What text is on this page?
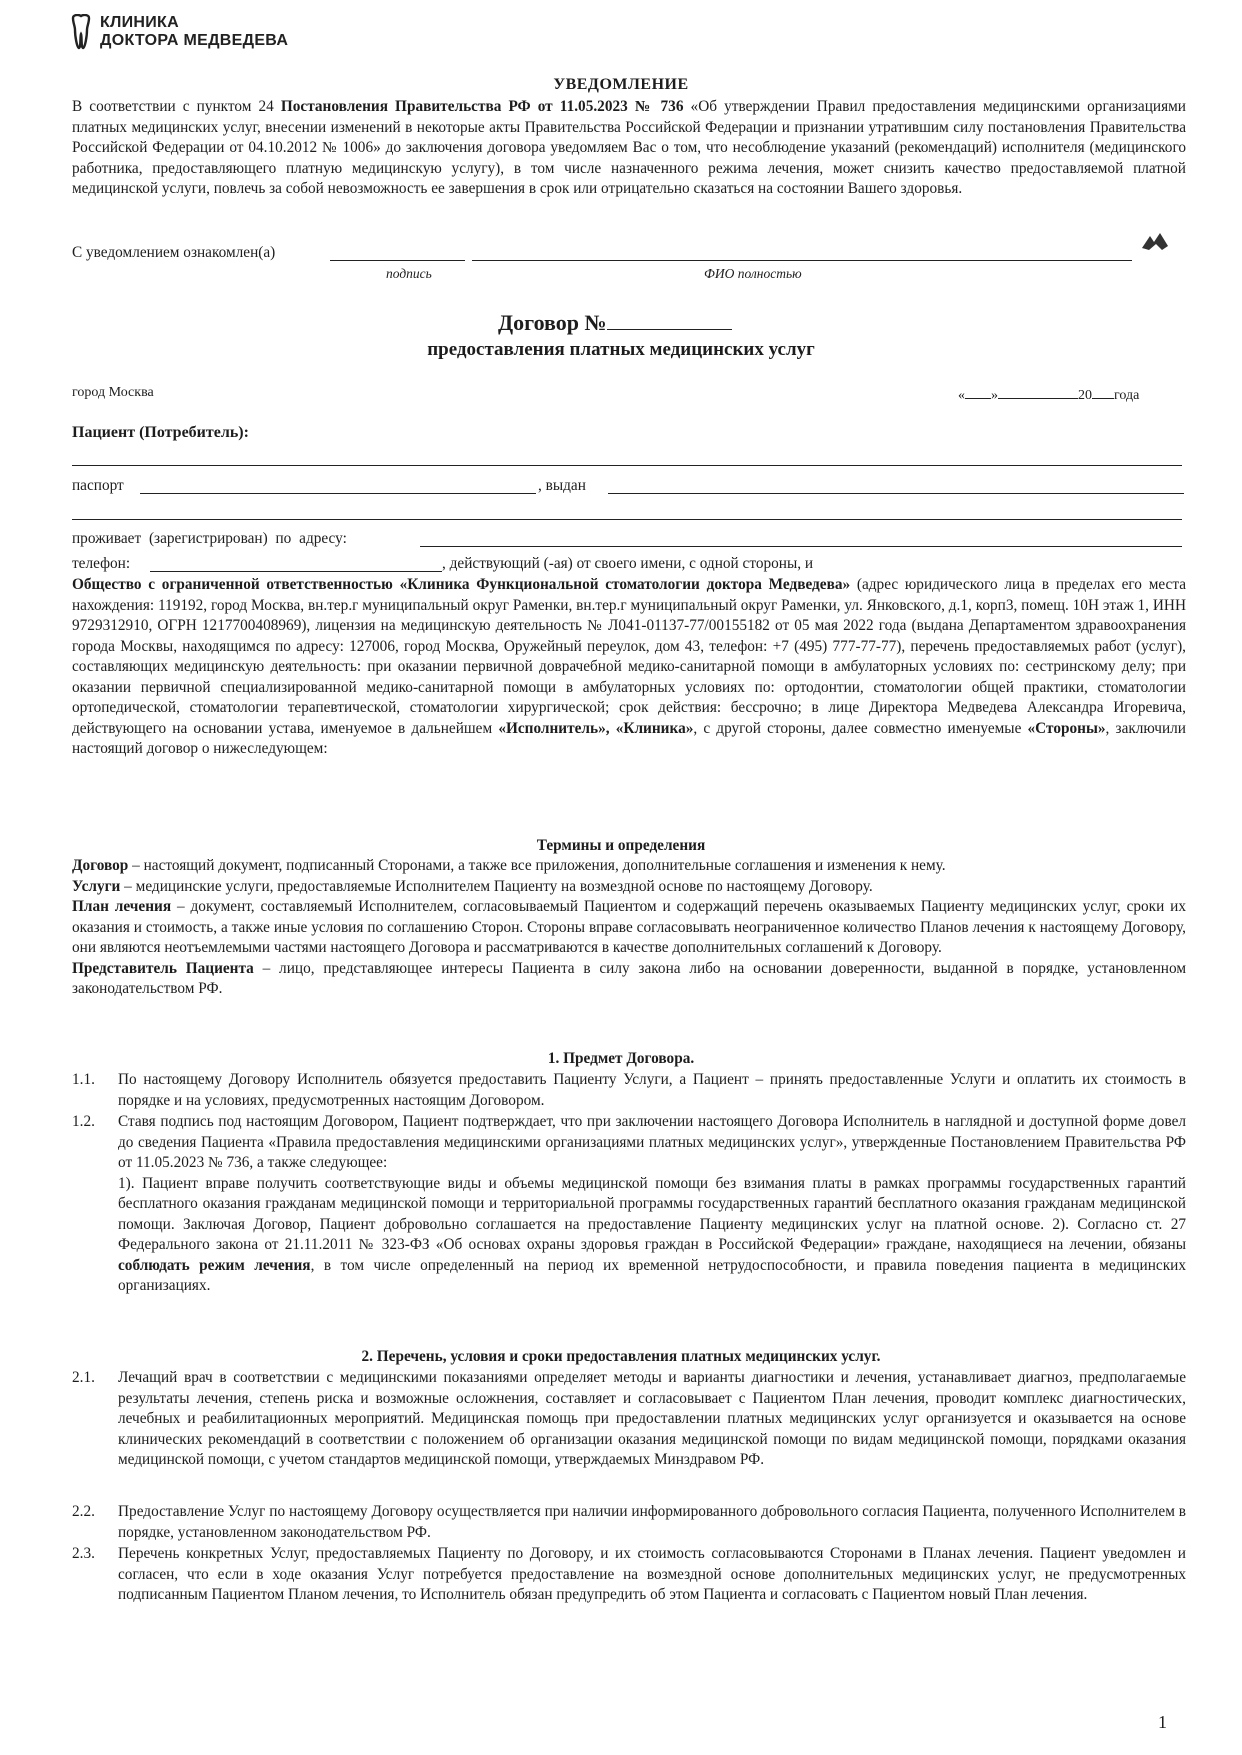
КЛИНИКА
ДОКТОРА МЕДВЕДЕВА
УВЕДОМЛЕНИЕ
В соответствии с пунктом 24 Постановления Правительства РФ от 11.05.2023 № 736 «Об утверждении Правил предоставления медицинскими организациями платных медицинских услуг, внесении изменений в некоторые акты Правительства Российской Федерации и признании утратившим силу постановления Правительства Российской Федерации от 04.10.2012 № 1006» до заключения договора уведомляем Вас о том, что несоблюдение указаний (рекомендаций) исполнителя (медицинского работника, предоставляющего платную медицинскую услугу), в том числе назначенного режима лечения, может снизить качество предоставляемой платной медицинской услуги, повлечь за собой невозможность ее завершения в срок или отрицательно сказаться на состоянии Вашего здоровья.
С уведомлением ознакомлен(а)
подпись	ФИО полностью
Договор №
предоставления платных медицинских услуг
город Москва	« »	20 года
Пациент (Потребитель):
паспорт	, выдан
проживает (зарегистрирован) по адресу:
телефон:	, действующий (-ая) от своего имени, с одной стороны, и
Общество с ограниченной ответственностью «Клиника Функциональной стоматологии доктора Медведева» (адрес юридического лица в пределах его места нахождения: 119192, город Москва, вн.тер.г муниципальный округ Раменки, вн.тер.г муниципальный округ Раменки, ул. Янковского, д.1, корп3, помещ. 10Н этаж 1, ИНН 9729312910, ОГРН 1217700408969), лицензия на медицинскую деятельность № Л041-01137-77/00155182 от 05 мая 2022 года (выдана Департаментом здравоохранения города Москвы, находящимся по адресу: 127006, город Москва, Оружейный переулок, дом 43, телефон: +7 (495) 777-77-77), перечень предоставляемых работ (услуг), составляющих медицинскую деятельность: при оказании первичной доврачебной медико-санитарной помощи в амбулаторных условиях по: сестринскому делу; при оказании первичной специализированной медико-санитарной помощи в амбулаторных условиях по: ортодонтии, стоматологии общей практики, стоматологии ортопедической, стоматологии терапевтической, стоматологии хирургической; срок действия: бессрочно; в лице Директора Медведева Александра Игоревича, действующего на основании устава, именуемое в дальнейшем «Исполнитель», «Клиника», с другой стороны, далее совместно именуемые «Стороны», заключили настоящий договор о нижеследующем:
Термины и определения
Договор – настоящий документ, подписанный Сторонами, а также все приложения, дополнительные соглашения и изменения к нему.
Услуги – медицинские услуги, предоставляемые Исполнителем Пациенту на возмездной основе по настоящему Договору.
План лечения – документ, составляемый Исполнителем, согласовываемый Пациентом и содержащий перечень оказываемых Пациенту медицинских услуг, сроки их оказания и стоимость, а также иные условия по соглашению Сторон. Стороны вправе согласовывать неограниченное количество Планов лечения к настоящему Договору, они являются неотъемлемыми частями настоящего Договора и рассматриваются в качестве дополнительных соглашений к Договору.
Представитель Пациента – лицо, представляющее интересы Пациента в силу закона либо на основании доверенности, выданной в порядке, установленном законодательством РФ.
1. Предмет Договора.
1.1. По настоящему Договору Исполнитель обязуется предоставить Пациенту Услуги, а Пациент – принять предоставленные Услуги и оплатить их стоимость в порядке и на условиях, предусмотренных настоящим Договором.
1.2. Ставя подпись под настоящим Договором, Пациент подтверждает, что при заключении настоящего Договора Исполнитель в наглядной и доступной форме довел до сведения Пациента «Правила предоставления медицинскими организациями платных медицинских услуг», утвержденные Постановлением Правительства РФ от 11.05.2023 № 736, а также следующее:
1). Пациент вправе получить соответствующие виды и объемы медицинской помощи без взимания платы в рамках программы государственных гарантий бесплатного оказания гражданам медицинской помощи и территориальной программы государственных гарантий бесплатного оказания гражданам медицинской помощи. Заключая Договор, Пациент добровольно соглашается на предоставление Пациенту медицинских услуг на платной основе. 2). Согласно ст. 27 Федерального закона от 21.11.2011 № 323-ФЗ «Об основах охраны здоровья граждан в Российской Федерации» граждане, находящиеся на лечении, обязаны соблюдать режим лечения, в том числе определенный на период их временной нетрудоспособности, и правила поведения пациента в медицинских организациях.
2. Перечень, условия и сроки предоставления платных медицинских услуг.
2.1. Лечащий врач в соответствии с медицинскими показаниями определяет методы и варианты диагностики и лечения, устанавливает диагноз, предполагаемые результаты лечения, степень риска и возможные осложнения, составляет и согласовывает с Пациентом План лечения, проводит комплекс диагностических, лечебных и реабилитационных мероприятий. Медицинская помощь при предоставлении платных медицинских услуг организуется и оказывается на основе клинических рекомендаций в соответствии с положением об организации оказания медицинской помощи по видам медицинской помощи, порядками оказания медицинской помощи, с учетом стандартов медицинской помощи, утверждаемых Минздравом РФ.
2.2. Предоставление Услуг по настоящему Договору осуществляется при наличии информированного добровольного согласия Пациента, полученного Исполнителем в порядке, установленном законодательством РФ.
2.3. Перечень конкретных Услуг, предоставляемых Пациенту по Договору, и их стоимость согласовываются Сторонами в Планах лечения. Пациент уведомлен и согласен, что если в ходе оказания Услуг потребуется предоставление на возмездной основе дополнительных медицинских услуг, не предусмотренных подписанным Пациентом Планом лечения, то Исполнитель обязан предупредить об этом Пациента и согласовать с Пациентом новый План лечения.
1
